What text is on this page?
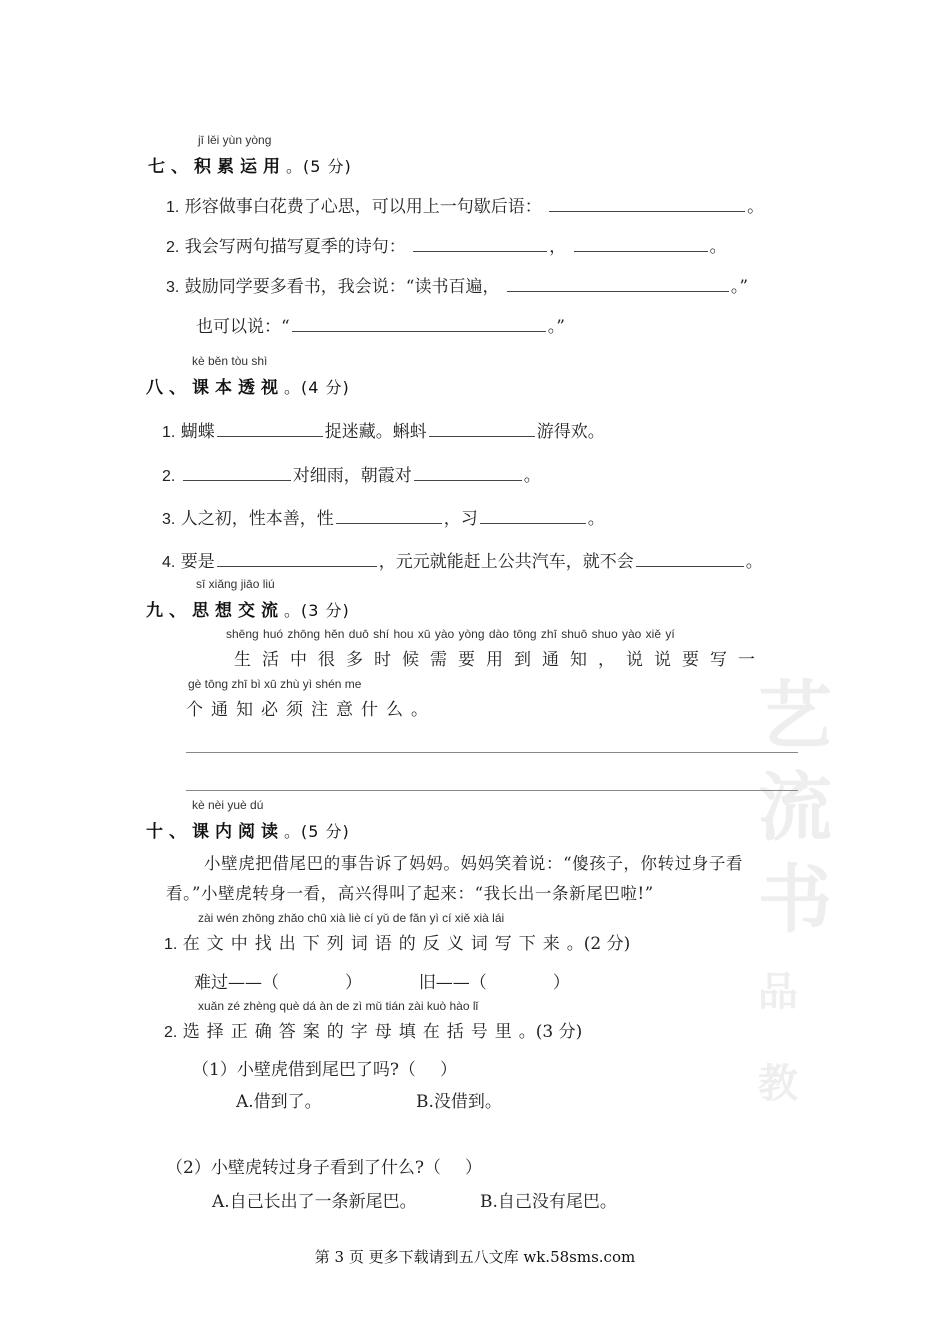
艺
流
书
品教
jī lěi yùn yòng
七、积累运用。(5 分)
1. 形容做事白花费了心思，可以用上一句歇后语：	。
2. 我会写两句描写夏季的诗句：	，	。
3. 鼓励同学要多看书，我会说：“读书百遍，	。”
也可以说：“	。”
kè běn tòu shì
八、课本透视。(4 分)
1. 蝴蝶	捉迷藏。蝌蚪	游得欢。
2.	对细雨，朝霞对	。
3. 人之初，性本善，性	，习	。
4. 要是	，元元就能赶上公共汽车，就不会	。
sī xiǎng jiāo liú
九、思想交流。(3 分)
shēng huó zhōng hěn duō shí hou xū yào yòng dào tōng zhī shuō shuo yào xiě yí
生活中很多时候需要用到通知，说说要写一
gè tōng zhī bì xū zhù yì shén me
个通知必须注意什么。
kè nèi yuè dú
十、课内阅读。(5 分)
小壁虎把借尾巴的事告诉了妈妈。妈妈笑着说：“傻孩子，你转过身子看
看。”小壁虎转身一看，高兴得叫了起来：“我长出一条新尾巴啦!”
zài wén zhōng zhǎo chū xià liè cí yǔ de fǎn yì cí xiě xià lái
1. 在文中找出下列词语的反义词写下来。(2 分)
难过——（	）	旧——（	）
xuǎn zé zhèng què dá àn de zì mǔ tián zài kuò hào lǐ
2. 选择正确答案的字母填在括号里。(3 分)
（1）小壁虎借到尾巴了吗?（ ）
A.借到了。	B.没借到。
（2）小壁虎转过身子看到了什么?（ ）
A.自己长出了一条新尾巴。	B.自己没有尾巴。
第 3 页 更多下载请到五八文库 wk.58sms.com
